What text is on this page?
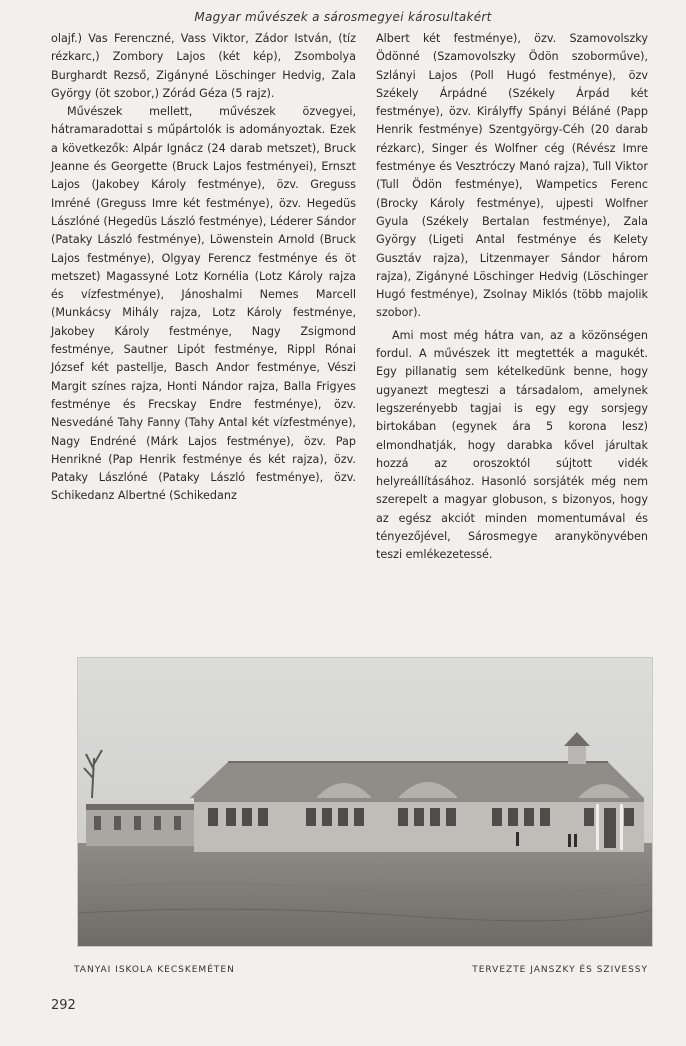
Magyar művészek a sárosmegyei károsultakért

olajf.) Vas Ferenczné, Vass Viktor, Zádor István, (tíz rézkarc,) Zombory Lajos (két kép), Zsombolya Burghardt Rezső, Zigányné Löschinger Hedvig, Zala György (öt szobor,) Zórád Géza (5 rajz).

Művészek mellett, művészek özvegyei, hátramaradottai s műpártolók is adományoztak. Ezek a következők: Alpár Ignácz (24 darab metszet), Bruck Jeanne és Georgette (Bruck Lajos festményei), Ernszt Lajos (Jakobey Károly festménye), özv. Greguss Imréné (Greguss Imre két festménye), özv. Hegedüs Lászlóné (Hegedüs László festménye), Léderer Sándor (Pataky László festménye), Löwenstein Arnold (Bruck Lajos festménye), Olgyay Ferencz festménye és öt metszet) Magassyné Lotz Kornélia (Lotz Károly rajza és vízfestménye), Jánoshalmi Nemes Marcell (Munkácsy Mihály rajza, Lotz Károly festménye, Jakobey Károly festménye, Nagy Zsigmond festménye, Sautner Lipót festménye, Rippl Rónai József két pastellje, Basch Andor festménye, Vészi Margit színes rajza, Honti Nándor rajza, Balla Frigyes festménye és Frecskay Endre festménye), özv. Nesvedáné Tahy Fanny (Tahy Antal két vízfestménye), Nagy Endréné (Márk Lajos festménye), özv. Pap Henrikné (Pap Henrik festménye és két rajza), özv. Pataky Lászlóné (Pataky László festménye), özv. Schikedanz Albertné (Schikedanz

Albert két festménye), özv. Szamovolszky Ödönné (Szamovolszky Ödön szoborműve), Szlányi Lajos (Poll Hugó festménye), özv Székely Árpádné (Székely Árpád két festménye), özv. Királyffy Spányi Béláné (Papp Henrik festménye) Szentgyörgy-Céh (20 darab rézkarc), Singer és Wolfner cég (Révész Imre festménye és Vesztróczy Manó rajza), Tull Viktor (Tull Ödön festménye), Wampetics Ferenc (Brocky Károly festménye), ujpesti Wolfner Gyula (Székely Bertalan festménye), Zala György (Ligeti Antal festménye és Kelety Gusztáv rajza), Litzenmayer Sándor három rajza), Zigányné Löschinger Hedvig (Löschinger Hugó festménye), Zsolnay Miklós (több majolik szobor).

Ami most még hátra van, az a közönségen fordul. A művészek itt megtették a magukét. Egy pillanatig sem kételkedünk benne, hogy ugyanezt megteszi a társadalom, amelynek legszerényebb tagjai is egy egy sorsjegy birtokában (egynek ára 5 korona lesz) elmondhatják, hogy darabka kővel járultak hozzá az oroszoktól sújtott vidék helyreállításához. Hasonló sorsjáték még nem szerepelt a magyar globuson, s bizonyos, hogy az egész akciót minden momentumával és tényezőjével, Sárosmegye aranykönyvében teszi emlékezetessé.

TANYAI ISKOLA KECSKEMÉTEN	TERVEZTE JANSZKY ÉS SZIVESSY
292
